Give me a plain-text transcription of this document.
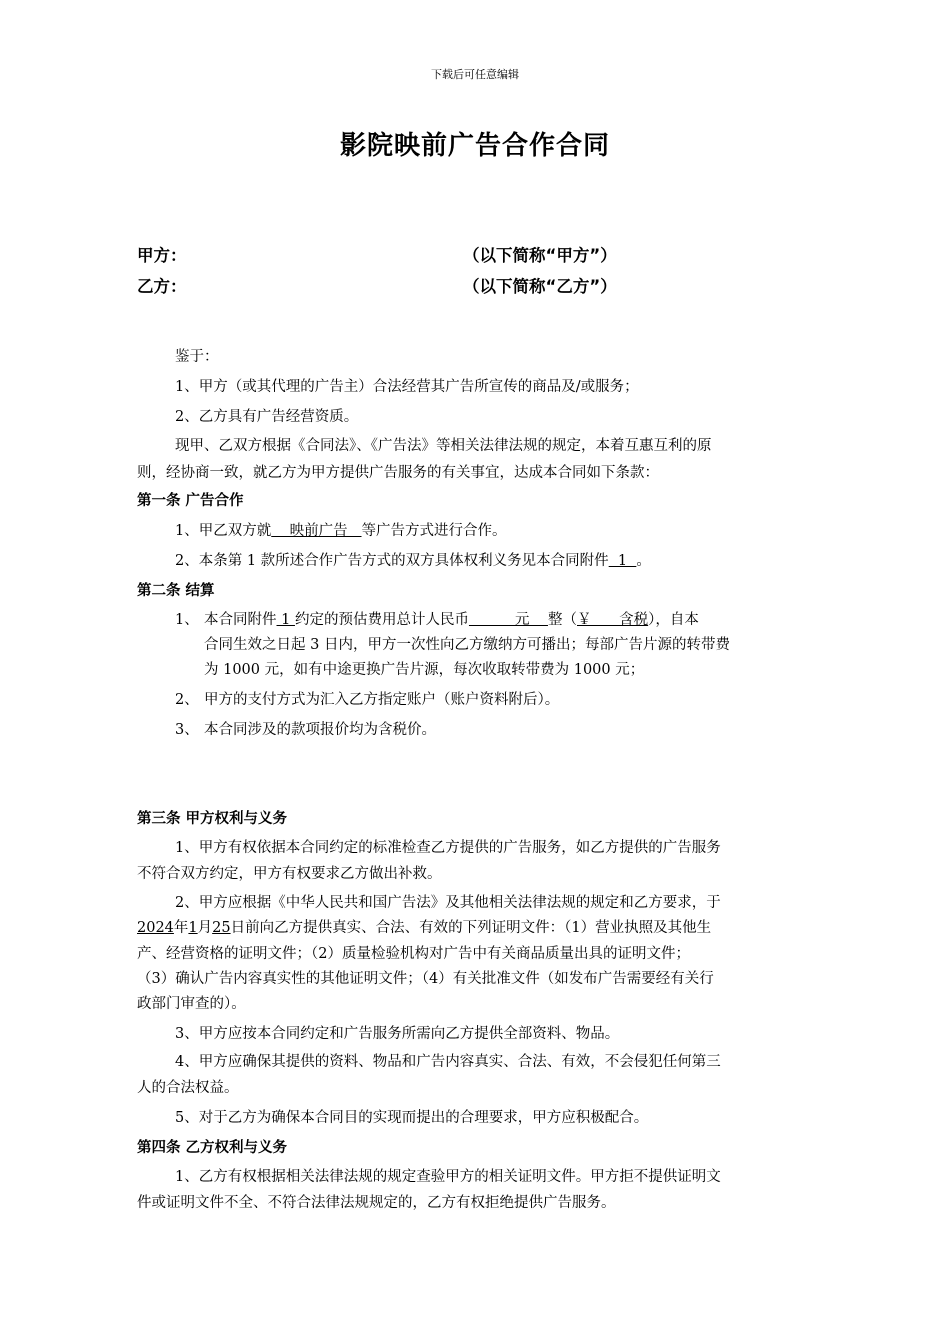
下载后可任意编辑
影院映前广告合作合同
甲方：	（以下简称“甲方”）
乙方：	（以下简称“乙方”）
鉴于：
1、甲方（或其代理的广告主）合法经营其广告所宣传的商品及/或服务；
2、乙方具有广告经营资质。
现甲、乙双方根据《合同法》、《广告法》等相关法律法规的规定，本着互惠互利的原
则，经协商一致，就乙方为甲方提供广告服务的有关事宜，达成本合同如下条款：
第一条 广告合作
1、甲乙双方就    映前广告   等广告方式进行合作。
2、本条第 1 款所述合作广告方式的双方具体权利义务见本合同附件  1  。
第二条 结算
1、 本合同附件 1 约定的预估费用总计人民币          元    整（￥      含税），自本
合同生效之日起 3 日内，甲方一次性向乙方缴纳方可播出；每部广告片源的转带费
为 1000 元，如有中途更换广告片源，每次收取转带费为 1000 元；
2、 甲方的支付方式为汇入乙方指定账户（账户资料附后）。
3、 本合同涉及的款项报价均为含税价。
第三条 甲方权利与义务
1、甲方有权依据本合同约定的标准检查乙方提供的广告服务，如乙方提供的广告服务
不符合双方约定，甲方有权要求乙方做出补救。
2、甲方应根据《中华人民共和国广告法》及其他相关法律法规的规定和乙方要求，于
2024年1月25日前向乙方提供真实、合法、有效的下列证明文件：（1）营业执照及其他生
产、经营资格的证明文件；（2）质量检验机构对广告中有关商品质量出具的证明文件；
（3）确认广告内容真实性的其他证明文件；（4）有关批准文件（如发布广告需要经有关行
政部门审查的）。
3、甲方应按本合同约定和广告服务所需向乙方提供全部资料、物品。
4、甲方应确保其提供的资料、物品和广告内容真实、合法、有效，不会侵犯任何第三
人的合法权益。
5、对于乙方为确保本合同目的实现而提出的合理要求，甲方应积极配合。
第四条 乙方权利与义务
1、乙方有权根据相关法律法规的规定查验甲方的相关证明文件。甲方拒不提供证明文
件或证明文件不全、不符合法律法规规定的，乙方有权拒绝提供广告服务。
